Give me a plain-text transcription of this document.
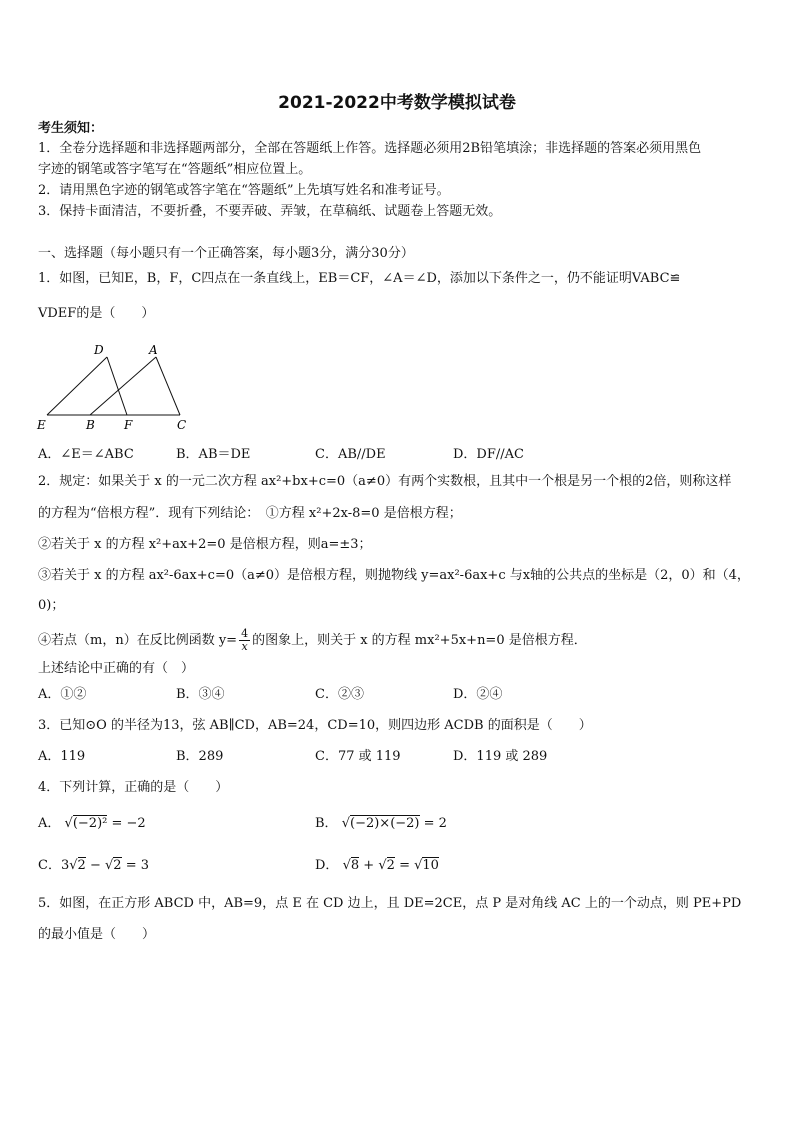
2021-2022中考数学模拟试卷
考生须知：
1．全卷分选择题和非选择题两部分，全部在答题纸上作答。选择题必须用2B铅笔填涂；非选择题的答案必须用黑色
字迹的钢笔或答字笔写在“答题纸”相应位置上。
2．请用黑色字迹的钢笔或答字笔在“答题纸”上先填写姓名和准考证号。
3．保持卡面清洁，不要折叠，不要弄破、弄皱，在草稿纸、试题卷上答题无效。
一、选择题（每小题只有一个正确答案，每小题3分，满分30分）
1．如图，已知E，B，F，C四点在一条直线上，EB＝CF，∠A＝∠D，添加以下条件之一，仍不能证明VABC≌
VDEF的是（　　）
D	A
E	B F	C
A．∠E＝∠ABC	B．AB＝DE	C．AB//DE	D．DF//AC
2．规定：如果关于 x 的一元二次方程 ax²+bx+c=0（a≠0）有两个实数根，且其中一个根是另一个根的2倍，则称这样
的方程为“倍根方程”．现有下列结论：　①方程 x²+2x-8=0 是倍根方程；
②若关于 x 的方程 x²+ax+2=0 是倍根方程，则a=±3；
③若关于 x 的方程 ax²-6ax+c=0（a≠0）是倍根方程，则抛物线 y=ax²-6ax+c 与x轴的公共点的坐标是（2，0）和（4，
0)；
④若点（m，n）在反比例函数 $y= \frac{4}{x}$ 的图象上，则关于 x 的方程 mx²+5x+n=0 是倍根方程．
上述结论中正确的有（　）
A．①②	B．③④	C．②③	D．②④
3．已知⊙O 的半径为13，弦 AB∥CD，AB=24，CD=10，则四边形 ACDB 的面积是（　　）
A．119	B．289	C．77 或 119	D．119 或 289
4．下列计算，正确的是（　　）
A． √(−2)² = −2	B． √(−2)×(−2) = 2
C．3√2 − √2 = 3	D． √8 + √2 = √10
5．如图，在正方形 ABCD 中，AB=9，点 E 在 CD 边上，且 DE=2CE，点 P 是对角线 AC 上的一个动点，则 PE+PD
的最小值是（　　）
